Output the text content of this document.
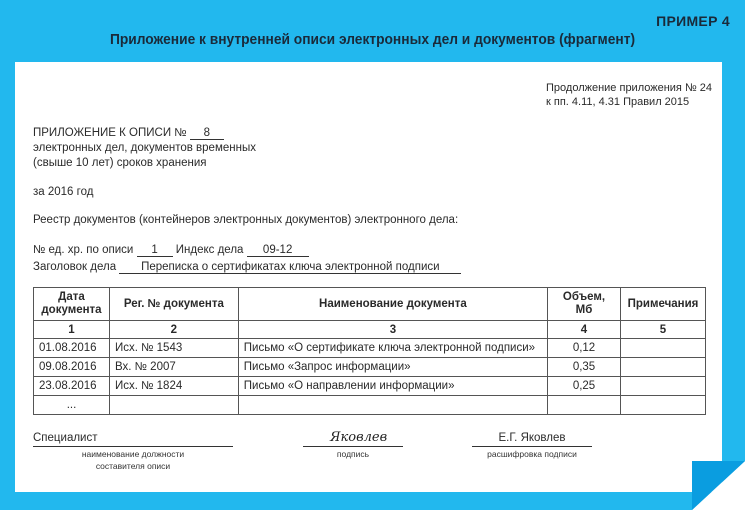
ПРИМЕР 4
Приложение к внутренней описи электронных дел и документов (фрагмент)
Продолжение приложения № 24
к пп. 4.11, 4.31 Правил 2015
ПРИЛОЖЕНИЕ К ОПИСИ № 8
электронных дел, документов временных
(свыше 10 лет) сроков хранения
за 2016 год
Реестр документов (контейнеров электронных документов) электронного дела:
№ ед. хр. по описи 1 Индекс дела 09-12
Заголовок дела Переписка о сертификатах ключа электронной подписи
Дата документа	Рег. № документа	Наименование документа	Объем, Мб	Примечания
1	2	3	4	5
01.08.2016	Исх. № 1543	Письмо «О сертификате ключа электронной подписи»	0,12	
09.08.2016	Вх. № 2007	Письмо «Запрос информации»	0,35	
23.08.2016	Исх. № 1824	Письмо «О направлении информации»	0,25	
...				
Специалист
наименование должности
составителя описи
Яковлев
подпись
Е.Г. Яковлев
расшифровка подписи
